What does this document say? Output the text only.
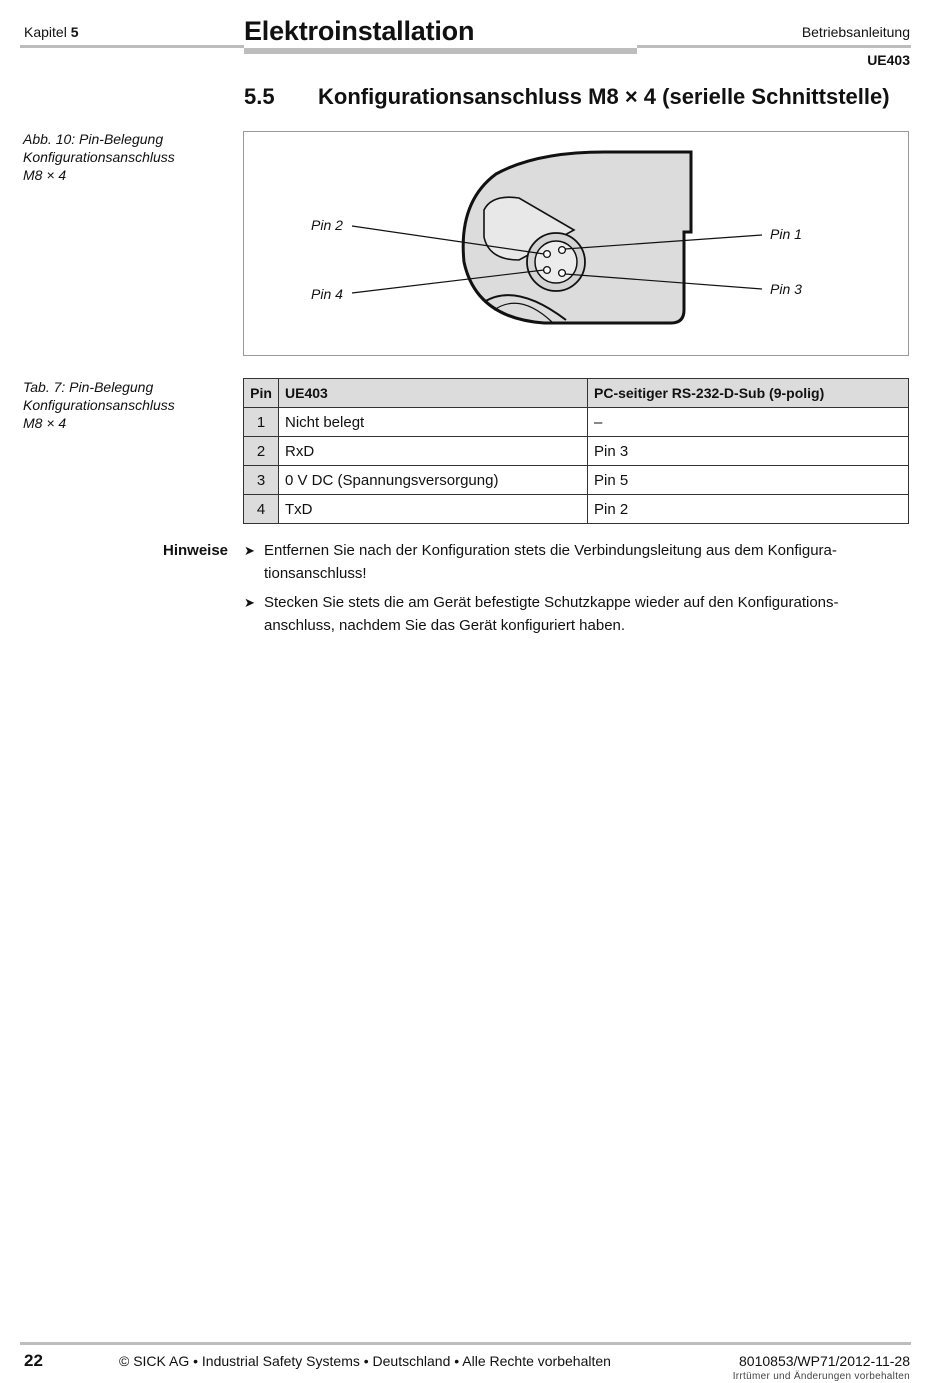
Kapitel 5	Elektroinstallation	Betriebsanleitung
UE403
5.5 Konfigurationsanschluss M8 × 4 (serielle Schnittstelle)
Abb. 10: Pin-Belegung
Konfigurationsanschluss
M8 × 4
Pin 2
Pin 4
Pin 1
Pin 3
Tab. 7: Pin-Belegung
Konfigurationsanschluss
M8 × 4
Pin	UE403	PC-seitiger RS-232-D-Sub (9-polig)
1	Nicht belegt	–
2	RxD	Pin 3
3	0 V DC (Spannungsversorgung)	Pin 5
4	TxD	Pin 2
Hinweise ➤ Entfernen Sie nach der Konfiguration stets die Verbindungsleitung aus dem Konfigura-
tionsanschluss!
➤ Stecken Sie stets die am Gerät befestigte Schutzkappe wieder auf den Konfigurations-
anschluss, nachdem Sie das Gerät konfiguriert haben.
22	© SICK AG • Industrial Safety Systems • Deutschland • Alle Rechte vorbehalten	8010853/WP71/2012-11-28
Irrtümer und Änderungen vorbehalten
